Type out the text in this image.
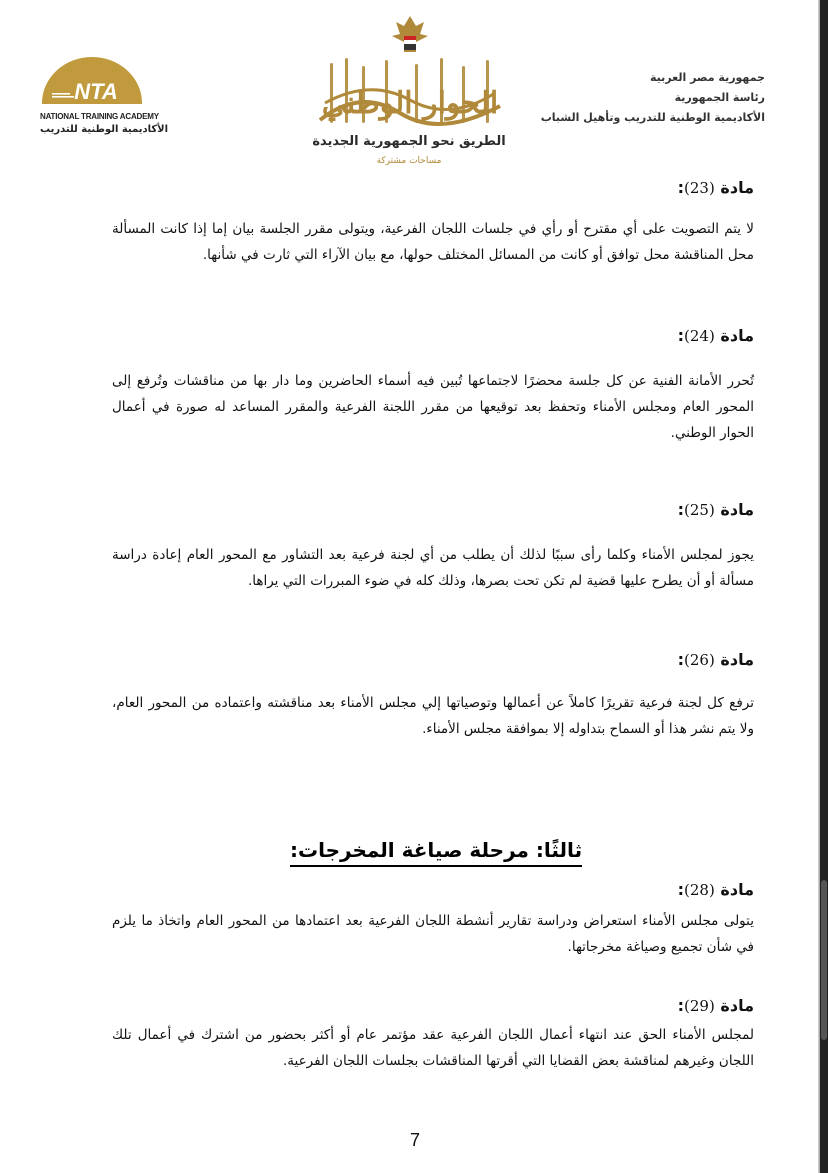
NTA
NATIONAL TRAINING ACADEMY
الأكاديمية الوطنية للتدريب
الحوار الوطني
الطريق نحو الجمهورية الجديدة
مساحات مشتركة
جمهورية مصر العربية
رئاسة الجمهورية
الأكاديمية الوطنية للتدريب وتأهيل الشباب
مادة (23):
لا يتم التصويت على أي مقترح أو رأي في جلسات اللجان الفرعية، ويتولى مقرر الجلسة بيان إما إذا كانت المسألة محل المناقشة محل توافق أو كانت من المسائل المختلف حولها، مع بيان الآراء التي ثارت في شأنها.
مادة (24):
تُحرر الأمانة الفنية عن كل جلسة محضرًا لاجتماعها تُبين فيه أسماء الحاضرين وما دار بها من مناقشات وتُرفع إلى المحور العام ومجلس الأمناء وتحفظ بعد توقيعها من مقرر اللجنة الفرعية والمقرر المساعد له صورة في أعمال الحوار الوطني.
مادة (25):
يجوز لمجلس الأمناء وكلما رأى سببًا لذلك أن يطلب من أي لجنة فرعية بعد التشاور مع المحور العام إعادة دراسة مسألة أو أن يطرح عليها قضية لم تكن تحت بصرها، وذلك كله في ضوء المبررات التي يراها.
مادة (26):
ترفع كل لجنة فرعية تقريرًا كاملاً عن أعمالها وتوصياتها إلي مجلس الأمناء بعد مناقشته واعتماده من المحور العام، ولا يتم نشر هذا أو السماح بتداوله إلا بموافقة مجلس الأمناء.
ثالثًا: مرحلة صياغة المخرجات:
مادة (28):
يتولى مجلس الأمناء استعراض ودراسة تقارير أنشطة اللجان الفرعية بعد اعتمادها من المحور العام واتخاذ ما يلزم في شأن تجميع وصياغة مخرجاتها.
مادة (29):
لمجلس الأمناء الحق عند انتهاء أعمال اللجان الفرعية عقد مؤتمر عام أو أكثر بحضور من اشترك في أعمال تلك اللجان وغيرهم لمناقشة بعض القضايا التي أقرتها المناقشات بجلسات اللجان الفرعية.
7
